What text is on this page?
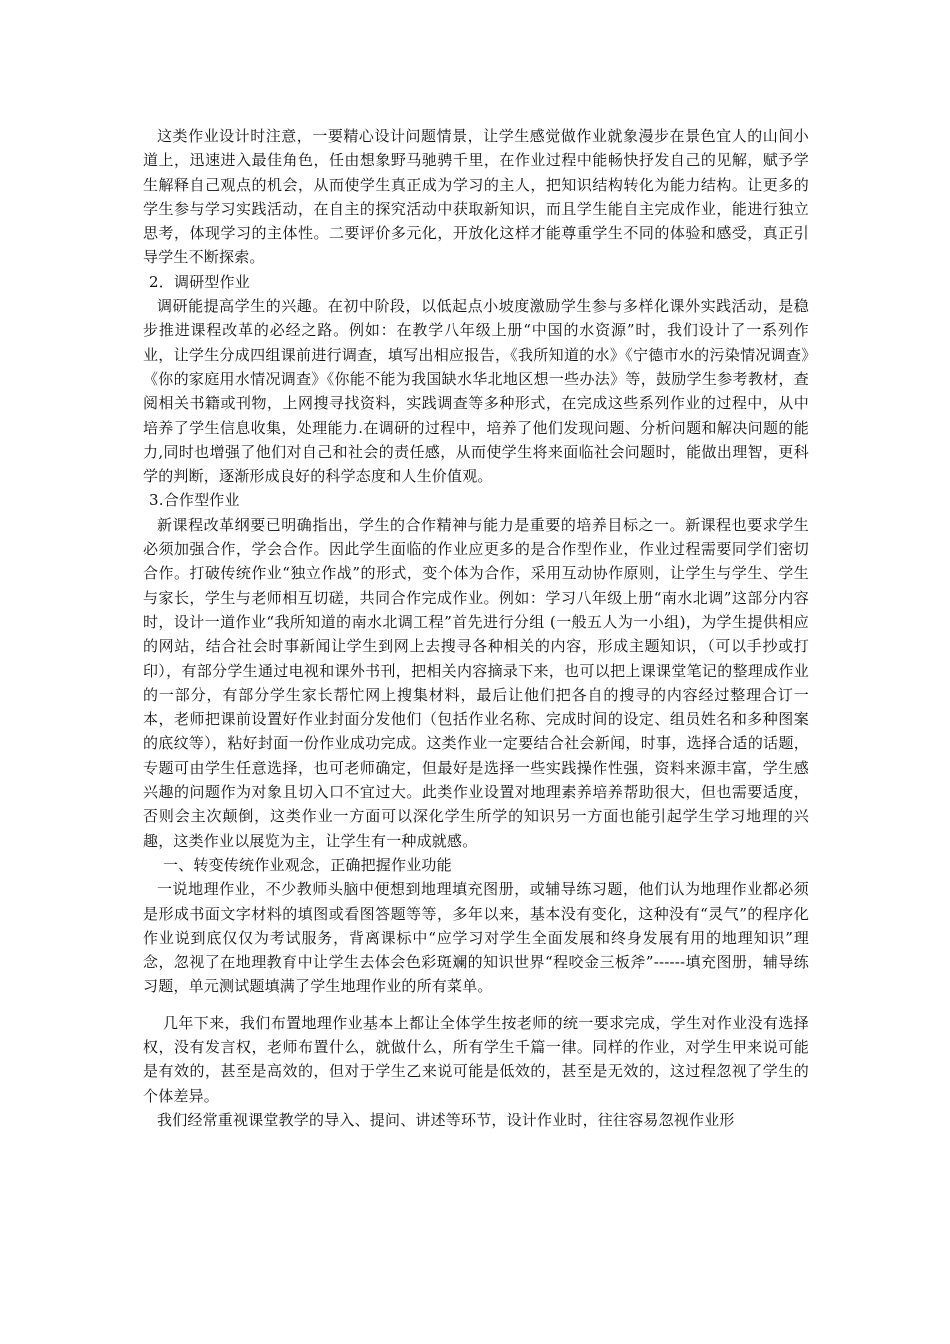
这类作业设计时注意，一要精心设计问题情景，让学生感觉做作业就象漫步在景色宜人的山间小道上，迅速进入最佳角色，任由想象野马驰骋千里，在作业过程中能畅快抒发自己的见解，赋予学生解释自己观点的机会，从而使学生真正成为学习的主人，把知识结构转化为能力结构。让更多的学生参与学习实践活动，在自主的探究活动中获取新知识，而且学生能自主完成作业，能进行独立思考，体现学习的主体性。二要评价多元化，开放化这样才能尊重学生不同的体验和感受，真正引导学生不断探索。

2．调研型作业

调研能提高学生的兴趣。在初中阶段，以低起点小坡度激励学生参与多样化课外实践活动，是稳步推进课程改革的必经之路。例如：在教学八年级上册“中国的水资源”时，我们设计了一系列作业，让学生分成四组课前进行调查，填写出相应报告，《我所知道的水》《宁德市水的污染情况调查》《你的家庭用水情况调查》《你能不能为我国缺水华北地区想一些办法》等，鼓励学生参考教材，查阅相关书籍或刊物，上网搜寻找资料，实践调查等多种形式，在完成这些系列作业的过程中，从中培养了学生信息收集，处理能力.在调研的过程中，培养了他们发现问题、分析问题和解决问题的能力,同时也增强了他们对自己和社会的责任感，从而使学生将来面临社会问题时，能做出理智，更科学的判断，逐渐形成良好的科学态度和人生价值观。

3.合作型作业

新课程改革纲要已明确指出，学生的合作精神与能力是重要的培养目标之一。新课程也要求学生必须加强合作，学会合作。因此学生面临的作业应更多的是合作型作业，作业过程需要同学们密切合作。打破传统作业“独立作战”的形式，变个体为合作，采用互动协作原则，让学生与学生、学生与家长，学生与老师相互切磋，共同合作完成作业。例如：学习八年级上册“南水北调”这部分内容时，设计一道作业“我所知道的南水北调工程”首先进行分组 (一般五人为一小组)，为学生提供相应的网站，结合社会时事新闻让学生到网上去搜寻各种相关的内容，形成主题知识，（可以手抄或打印），有部分学生通过电视和课外书刊，把相关内容摘录下来，也可以把上课课堂笔记的整理成作业的一部分，有部分学生家长帮忙网上搜集材料，最后让他们把各自的搜寻的内容经过整理合订一本，老师把课前设置好作业封面分发他们（包括作业名称、完成时间的设定、组员姓名和多种图案的底纹等），粘好封面一份作业成功完成。这类作业一定要结合社会新闻，时事，选择合适的话题，专题可由学生任意选择，也可老师确定，但最好是选择一些实践操作性强，资料来源丰富，学生感兴趣的问题作为对象且切入口不宜过大。此类作业设置对地理素养培养帮助很大，但也需要适度，否则会主次颠倒，这类作业一方面可以深化学生所学的知识另一方面也能引起学生学习地理的兴趣，这类作业以展览为主，让学生有一种成就感。

一、转变传统作业观念，正确把握作业功能

一说地理作业，不少教师头脑中便想到地理填充图册，或辅导练习题，他们认为地理作业都必须是形成书面文字材料的填图或看图答题等等，多年以来，基本没有变化，这种没有“灵气”的程序化作业说到底仅仅为考试服务，背离课标中“应学习对学生全面发展和终身发展有用的地理知识”理念，忽视了在地理教育中让学生去体会色彩斑斓的知识世界“程咬金三板斧”------填充图册，辅导练习题，单元测试题填满了学生地理作业的所有菜单。

几年下来，我们布置地理作业基本上都让全体学生按老师的统一要求完成，学生对作业没有选择权，没有发言权，老师布置什么，就做什么，所有学生千篇一律。同样的作业，对学生甲来说可能是有效的，甚至是高效的，但对于学生乙来说可能是低效的，甚至是无效的，这过程忽视了学生的个体差异。

我们经常重视课堂教学的导入、提问、讲述等环节，设计作业时，往往容易忽视作业形
